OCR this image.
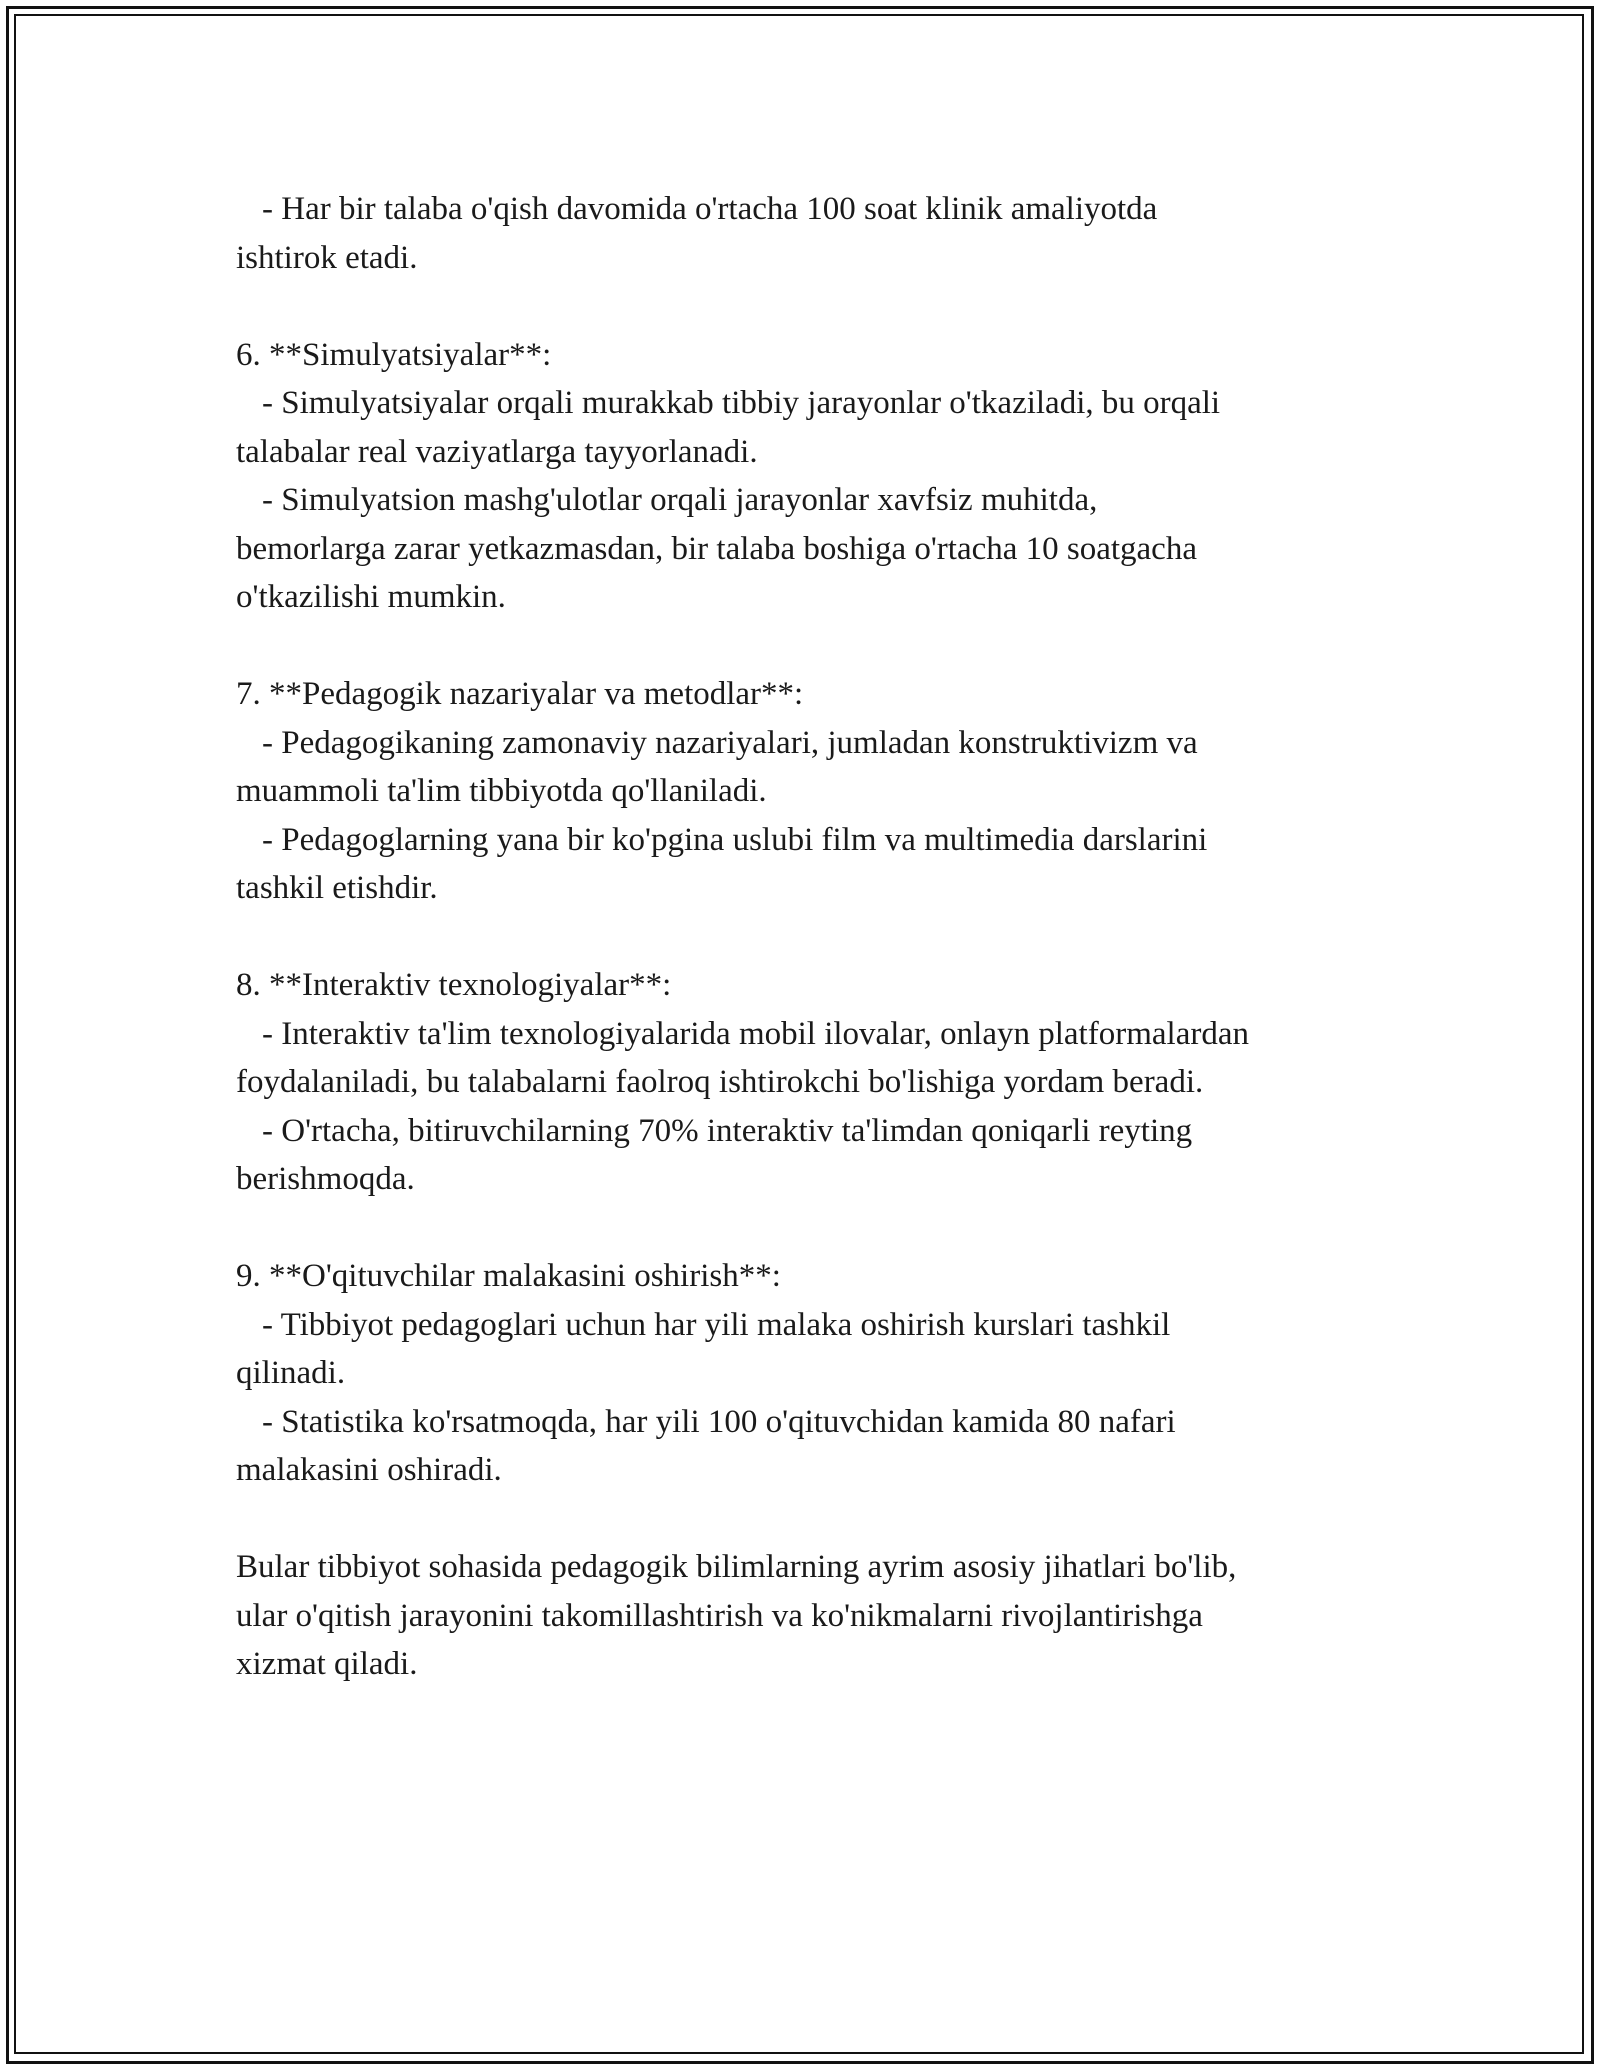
- Har bir talaba o'qish davomida o'rtacha 100 soat klinik amaliyotda
ishtirok etadi.
6. **Simulyatsiyalar**:
- Simulyatsiyalar orqali murakkab tibbiy jarayonlar o'tkaziladi, bu orqali
talabalar real vaziyatlarga tayyorlanadi.
- Simulyatsion mashg'ulotlar orqali jarayonlar xavfsiz muhitda,
bemorlarga zarar yetkazmasdan, bir talaba boshiga o'rtacha 10 soatgacha
o'tkazilishi mumkin.
7. **Pedagogik nazariyalar va metodlar**:
- Pedagogikaning zamonaviy nazariyalari, jumladan konstruktivizm va
muammoli ta'lim tibbiyotda qo'llaniladi.
- Pedagoglarning yana bir ko'pgina uslubi film va multimedia darslarini
tashkil etishdir.
8. **Interaktiv texnologiyalar**:
- Interaktiv ta'lim texnologiyalarida mobil ilovalar, onlayn platformalardan
foydalaniladi, bu talabalarni faolroq ishtirokchi bo'lishiga yordam beradi.
- O'rtacha, bitiruvchilarning 70% interaktiv ta'limdan qoniqarli reyting
berishmoqda.
9. **O'qituvchilar malakasini oshirish**:
- Tibbiyot pedagoglari uchun har yili malaka oshirish kurslari tashkil
qilinadi.
- Statistika ko'rsatmoqda, har yili 100 o'qituvchidan kamida 80 nafari
malakasini oshiradi.
Bular tibbiyot sohasida pedagogik bilimlarning ayrim asosiy jihatlari bo'lib,
ular o'qitish jarayonini takomillashtirish va ko'nikmalarni rivojlantirishga
xizmat qiladi.
